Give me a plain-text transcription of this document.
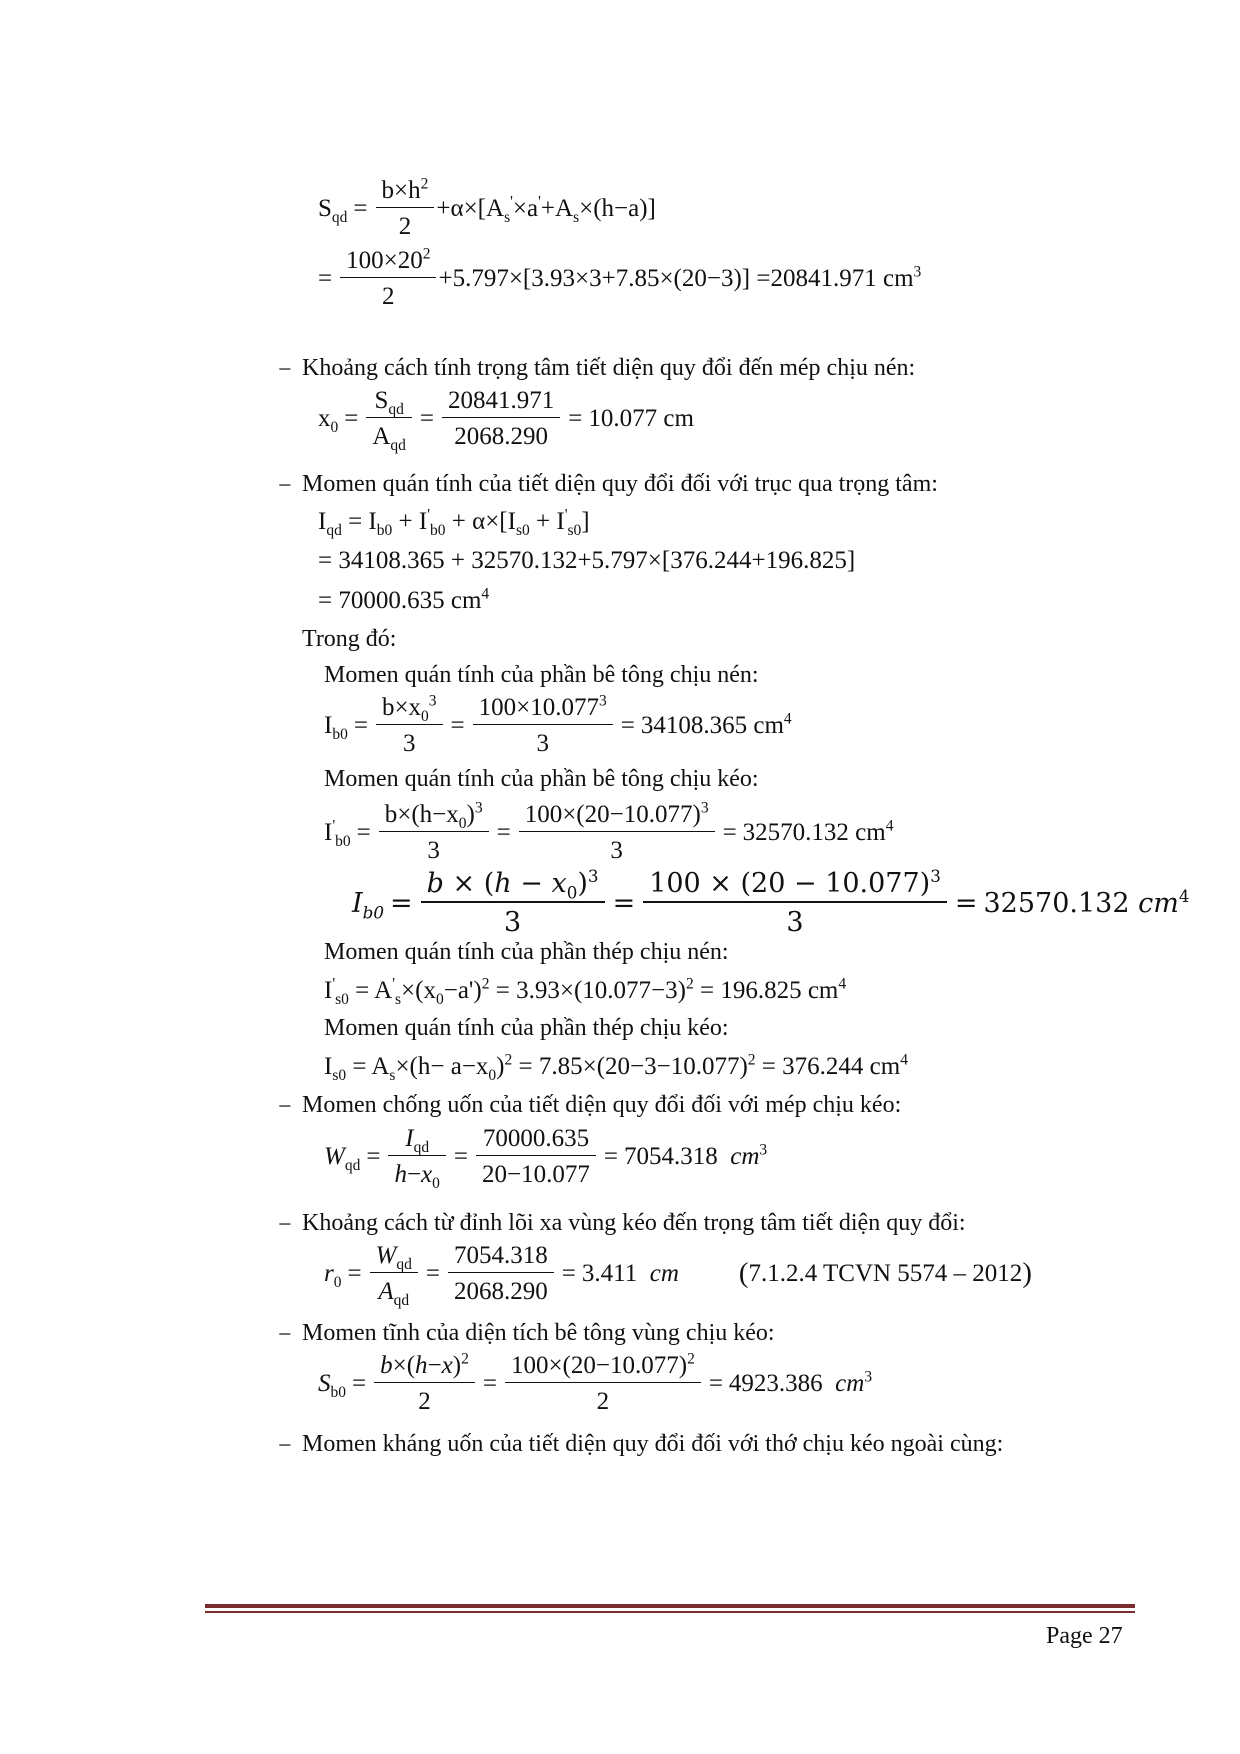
$S_{qd} = \frac{b\times h^2}{2} +\alpha\times[A_s'\times a'+A_s\times(h-a)]$
= $\frac{100\times 20^2}{2} +5.797\times[3.93\times 3+7.85\times(20-3)] = 20841.971$ $cm^3$
− Khoảng cách tính trọng tâm tiết diện quy đổi đến mép chịu nén:
$x_0 = \frac{S_{qd}}{A_{qd}} = \frac{20841.971}{2068.290} = 10.077$ cm
− Momen quán tính của tiết diện quy đổi đối với trục qua trọng tâm:
$I_{qd} = I_{b0} + I'_{b0} + \alpha\times[I_{s0} + I'_{s0}]$
= 34108.365 + 32570.132+5.797×[376.244+196.825]
= 70000.635 $cm^4$
Trong đó:
Momen quán tính của phần bê tông chịu nén:
$I_{b0} = \frac{b\times x_0^3}{3} = \frac{100\times 10.077^3}{3} = 34108.365$ $cm^4$
Momen quán tính của phần bê tông chịu kéo:
$I'_{b0} = \frac{b\times(h-x_0)^3}{3} = \frac{100\times(20-10.077)^3}{3} = 32570.132$ $cm^4$
$I_{b0} = \frac{b \times (h - x_0)^3}{3} = \frac{100 \times (20 - 10.077)^3}{3} = 32570.132$ $cm^4$
Momen quán tính của phần thép chịu nén:
$I'_{s0} = A'_s\times(x_0-a')^2 = 3.93\times(10.077-3)^2 = 196.825$ $cm^4$
Momen quán tính của phần thép chịu kéo:
$I_{s0} = A_s\times(h- a-x_0)^2 = 7.85\times(20-3-10.077)^2 = 376.244$ $cm^4$
− Momen chống uốn của tiết diện quy đổi đối với mép chịu kéo:
$W_{qd} = \frac{I_{qd}}{h-x_0} = \frac{70000.635}{20-10.077} = 7054.318$ $cm^3$
− Khoảng cách từ đỉnh lõi xa vùng kéo đến trọng tâm tiết diện quy đổi:
$r_0 = \frac{W_{qd}}{A_{qd}} = \frac{7054.318}{2068.290} = 3.411$ cm ( 7.1.2.4 TCVN 5574 – 2012 )
− Momen tĩnh của diện tích bê tông vùng chịu kéo:
$S_{b0} = \frac{b\times(h-x)^2}{2} = \frac{100\times(20-10.077)^2}{2} = 4923.386$ $cm^3$
− Momen kháng uốn của tiết diện quy đổi đối với thớ chịu kéo ngoài cùng:
Page 27
